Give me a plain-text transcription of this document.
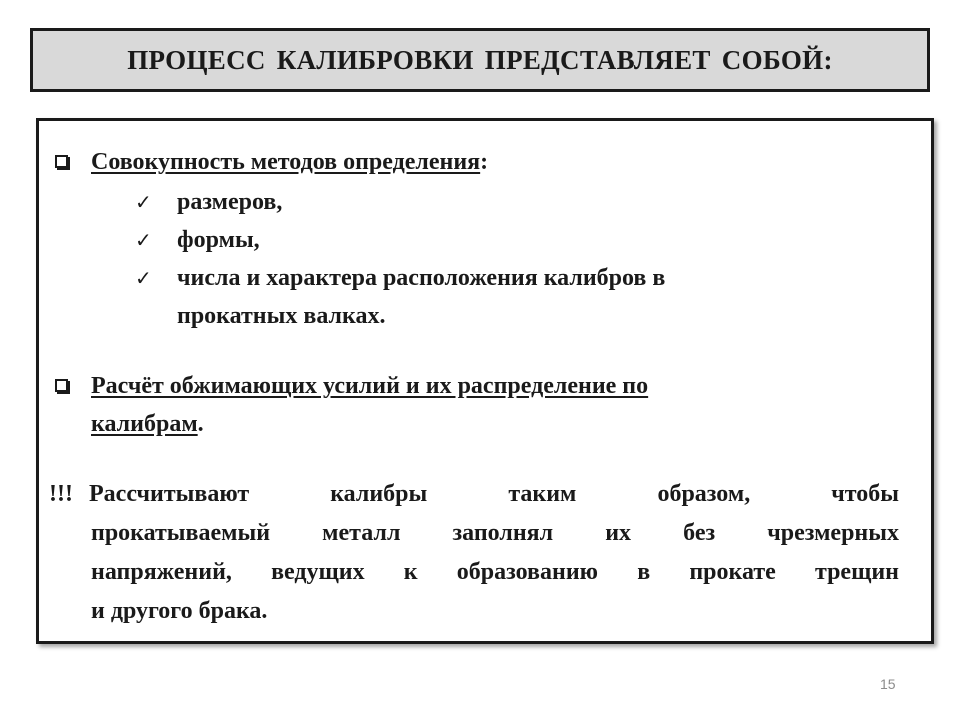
ПРОЦЕСС КАЛИБРОВКИ ПРЕДСТАВЛЯЕТ СОБОЙ:
Совокупность методов определения:
✓ размеров,
✓ формы,
✓ числа и характера расположения калибров в
прокатных валках.
Расчёт обжимающих усилий и их распределение по
калибрам.
!!! Рассчитывают калибры таким образом, чтобы
прокатываемый металл заполнял их без чрезмерных
напряжений, ведущих к образованию в прокате трещин
и другого брака.
15
